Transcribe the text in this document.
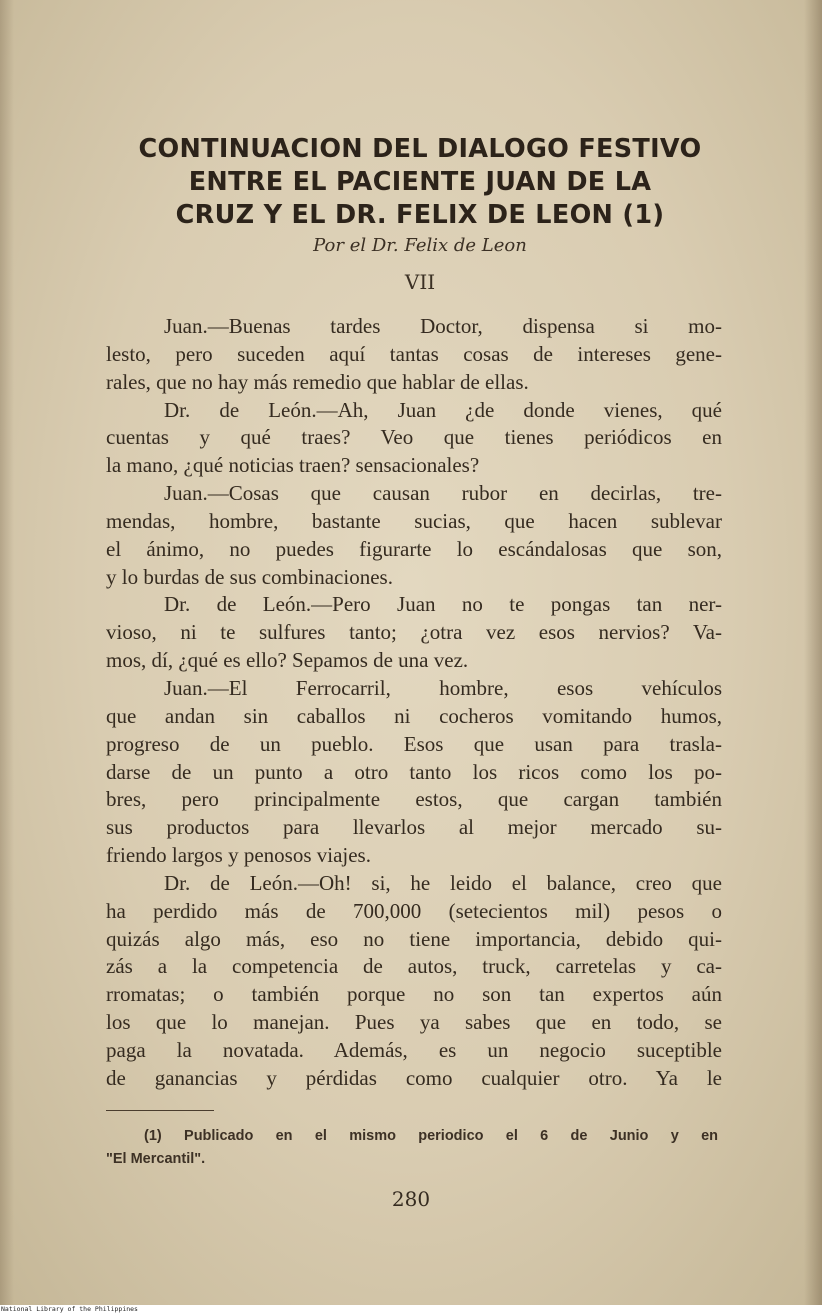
CONTINUACION DEL DIALOGO FESTIVO
ENTRE EL PACIENTE JUAN DE LA
CRUZ Y EL DR. FELIX DE LEON (1)
Por el Dr. Felix de Leon
VII
Juan.—Buenas tardes Doctor, dispensa si mo-
lesto, pero suceden aquí tantas cosas de intereses gene-
rales, que no hay más remedio que hablar de ellas.
Dr. de León.—Ah, Juan ¿de donde vienes, qué
cuentas y qué traes? Veo que tienes periódicos en
la mano, ¿qué noticias traen? sensacionales?
Juan.—Cosas que causan rubor en decirlas, tre-
mendas, hombre, bastante sucias, que hacen sublevar
el ánimo, no puedes figurarte lo escándalosas que son,
y lo burdas de sus combinaciones.
Dr. de León.—Pero Juan no te pongas tan ner-
vioso, ni te sulfures tanto; ¿otra vez esos nervios? Va-
mos, dí, ¿qué es ello? Sepamos de una vez.
Juan.—El Ferrocarril, hombre, esos vehículos
que andan sin caballos ni cocheros vomitando humos,
progreso de un pueblo. Esos que usan para trasla-
darse de un punto a otro tanto los ricos como los po-
bres, pero principalmente estos, que cargan también
sus productos para llevarlos al mejor mercado su-
friendo largos y penosos viajes.
Dr. de León.—Oh! si, he leido el balance, creo que
ha perdido más de 700,000 (setecientos mil) pesos o
quizás algo más, eso no tiene importancia, debido qui-
zás a la competencia de autos, truck, carretelas y ca-
rromatas; o también porque no son tan expertos aún
los que lo manejan. Pues ya sabes que en todo, se
paga la novatada. Además, es un negocio suceptible
de ganancias y pérdidas como cualquier otro. Ya le
(1) Publicado en el mismo periodico el 6 de Junio y en
"El Mercantil".
280
National Library of the Philippines
